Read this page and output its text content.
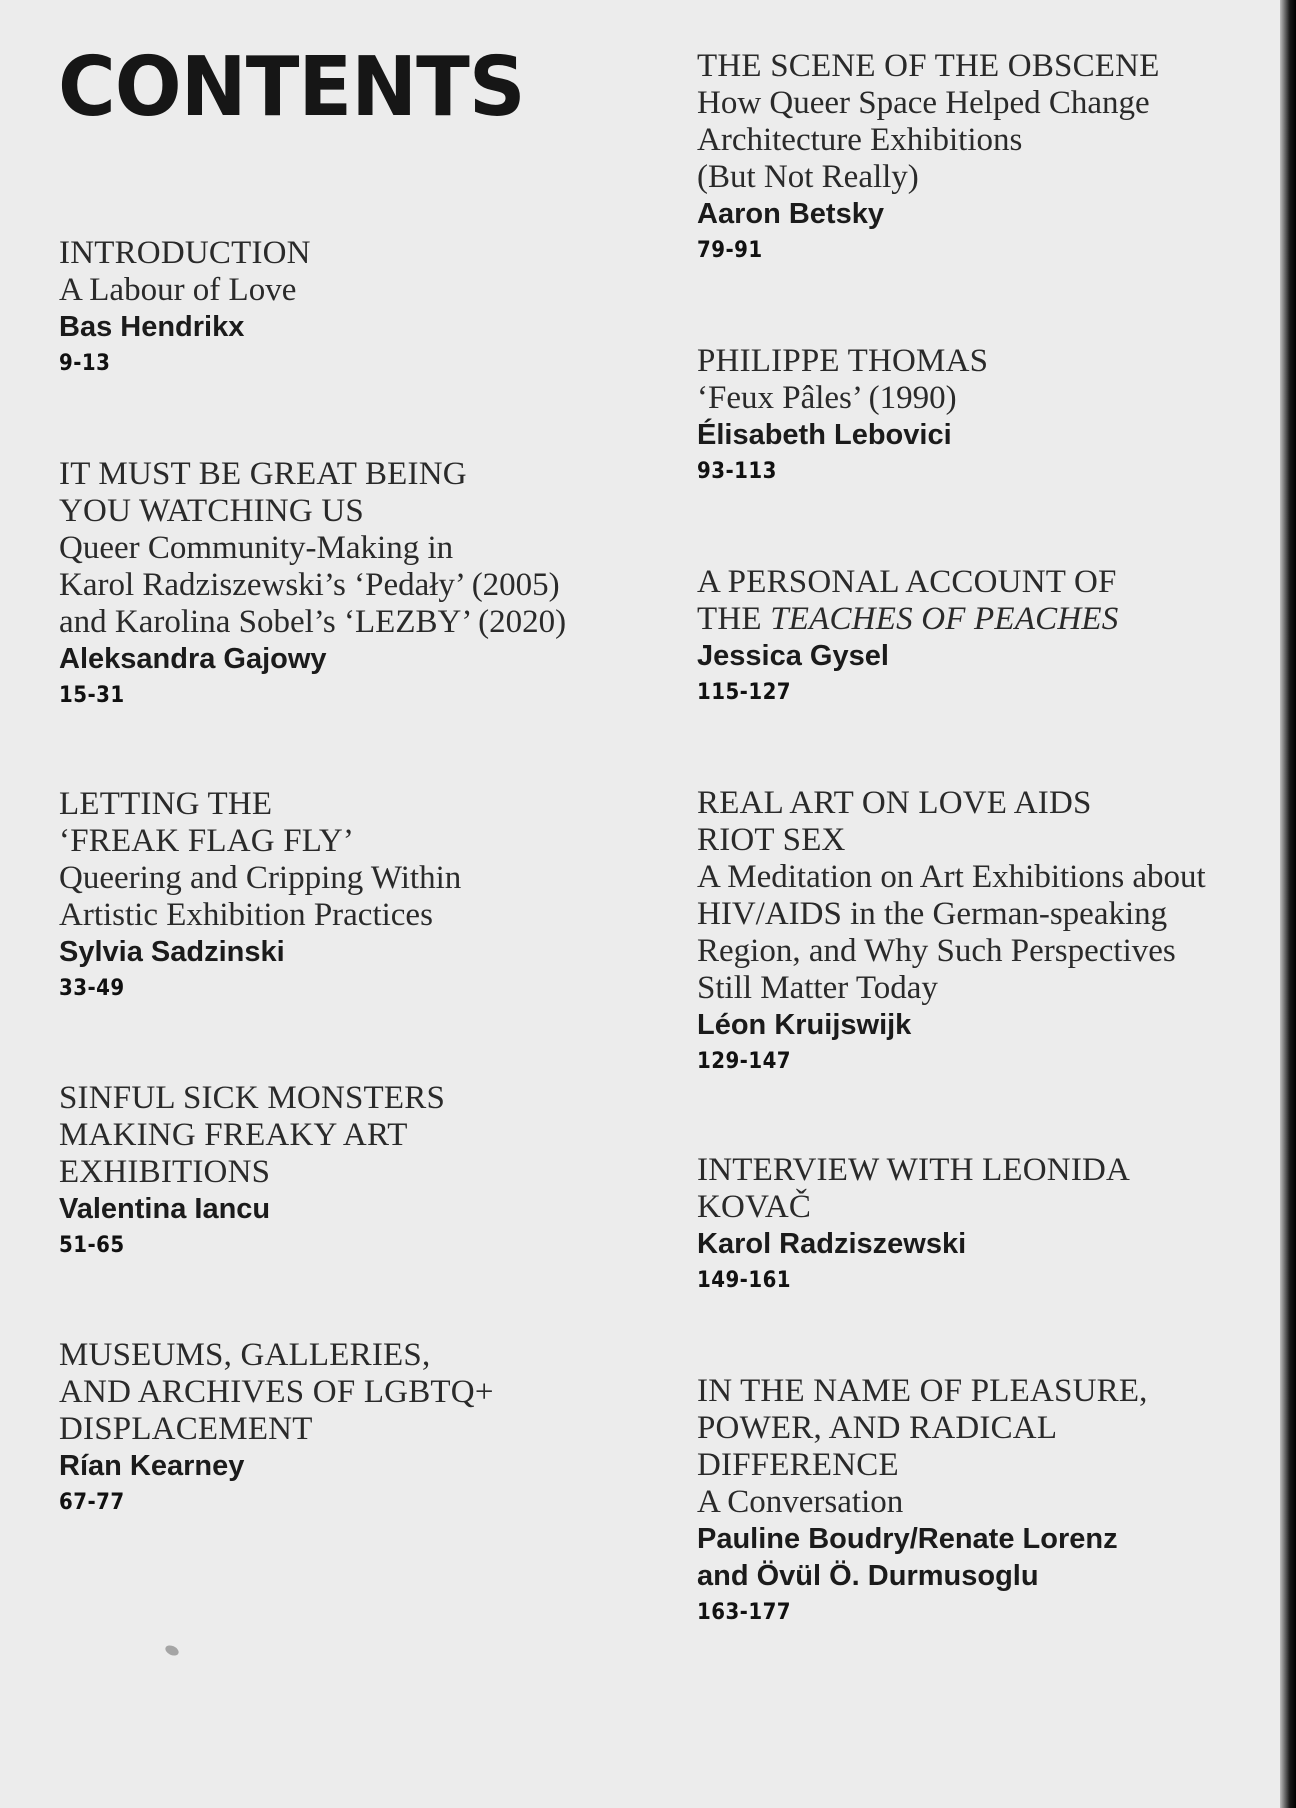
CONTENTS

INTRODUCTION

A Labour of Love

Bas Hendrikx

9-13

IT MUST BE GREAT BEING

YOU WATCHING US

Queer Community-Making in

Karol Radziszewski’s ‘Pedały’ (2005)

and Karolina Sobel’s ‘LEZBY’ (2020)

Aleksandra Gajowy

15-31

LETTING THE

‘FREAK FLAG FLY’

Queering and Cripping Within

Artistic Exhibition Practices

Sylvia Sadzinski

33-49

SINFUL SICK MONSTERS

MAKING FREAKY ART

EXHIBITIONS

Valentina Iancu

51-65

MUSEUMS, GALLERIES,

AND ARCHIVES OF LGBTQ+

DISPLACEMENT

Rían Kearney

67-77

THE SCENE OF THE OBSCENE

How Queer Space Helped Change

Architecture Exhibitions

(But Not Really)

Aaron Betsky

79-91

PHILIPPE THOMAS

‘Feux Pâles’ (1990)

Élisabeth Lebovici

93-113

A PERSONAL ACCOUNT OF

THE TEACHES OF PEACHES

Jessica Gysel

115-127

REAL ART ON LOVE AIDS

RIOT SEX

A Meditation on Art Exhibitions about

HIV/AIDS in the German-speaking

Region, and Why Such Perspectives

Still Matter Today

Léon Kruijswijk

129-147

INTERVIEW WITH LEONIDA

KOVAČ

Karol Radziszewski

149-161

IN THE NAME OF PLEASURE,

POWER, AND RADICAL

DIFFERENCE

A Conversation

Pauline Boudry/Renate Lorenz

and Övül Ö. Durmusoglu

163-177
